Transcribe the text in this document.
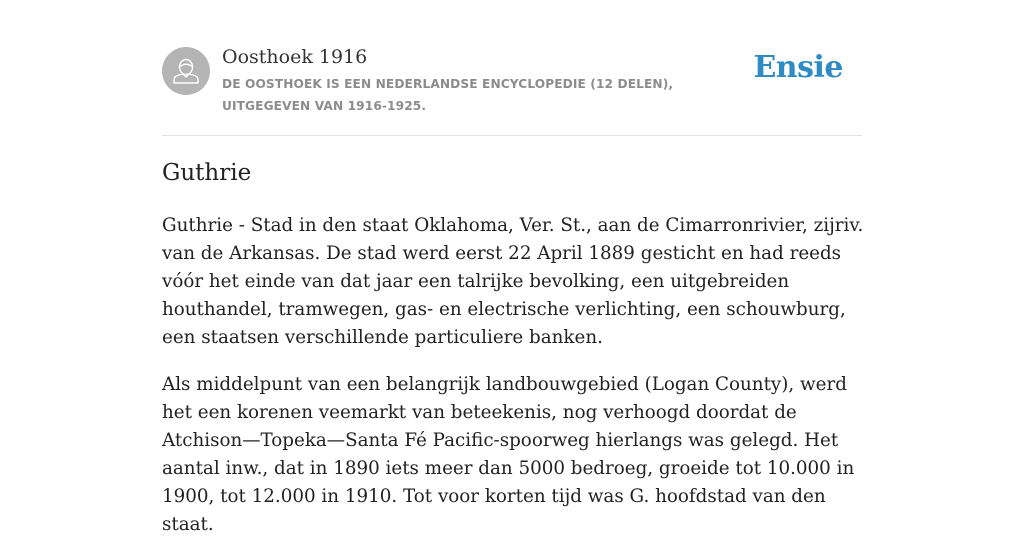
Oosthoek 1916
DE OOSTHOEK IS EEN NEDERLANDSE ENCYCLOPEDIE (12 DELEN), UITGEGEVEN VAN 1916-1925.
Ensie
Guthrie

Guthrie - Stad in den staat Oklahoma, Ver. St., aan de Cimarronrivier, zijriv. van de Arkansas. De stad werd eerst 22 April 1889 gesticht en had reeds vóór het einde van dat jaar een talrijke bevolking, een uitgebreiden houthandel, tramwegen, gas- en electrische verlichting, een schouwburg, een staatsen verschillende particuliere banken.

Als middelpunt van een belangrijk landbouwgebied (Logan County), werd het een korenen veemarkt van beteekenis, nog verhoogd doordat de Atchison—Topeka—Santa Fé Pacific-spoorweg hierlangs was gelegd. Het aantal inw., dat in 1890 iets meer dan 5000 bedroeg, groeide tot 10.000 in 1900, tot 12.000 in 1910. Tot voor korten tijd was G. hoofdstad van den staat.
